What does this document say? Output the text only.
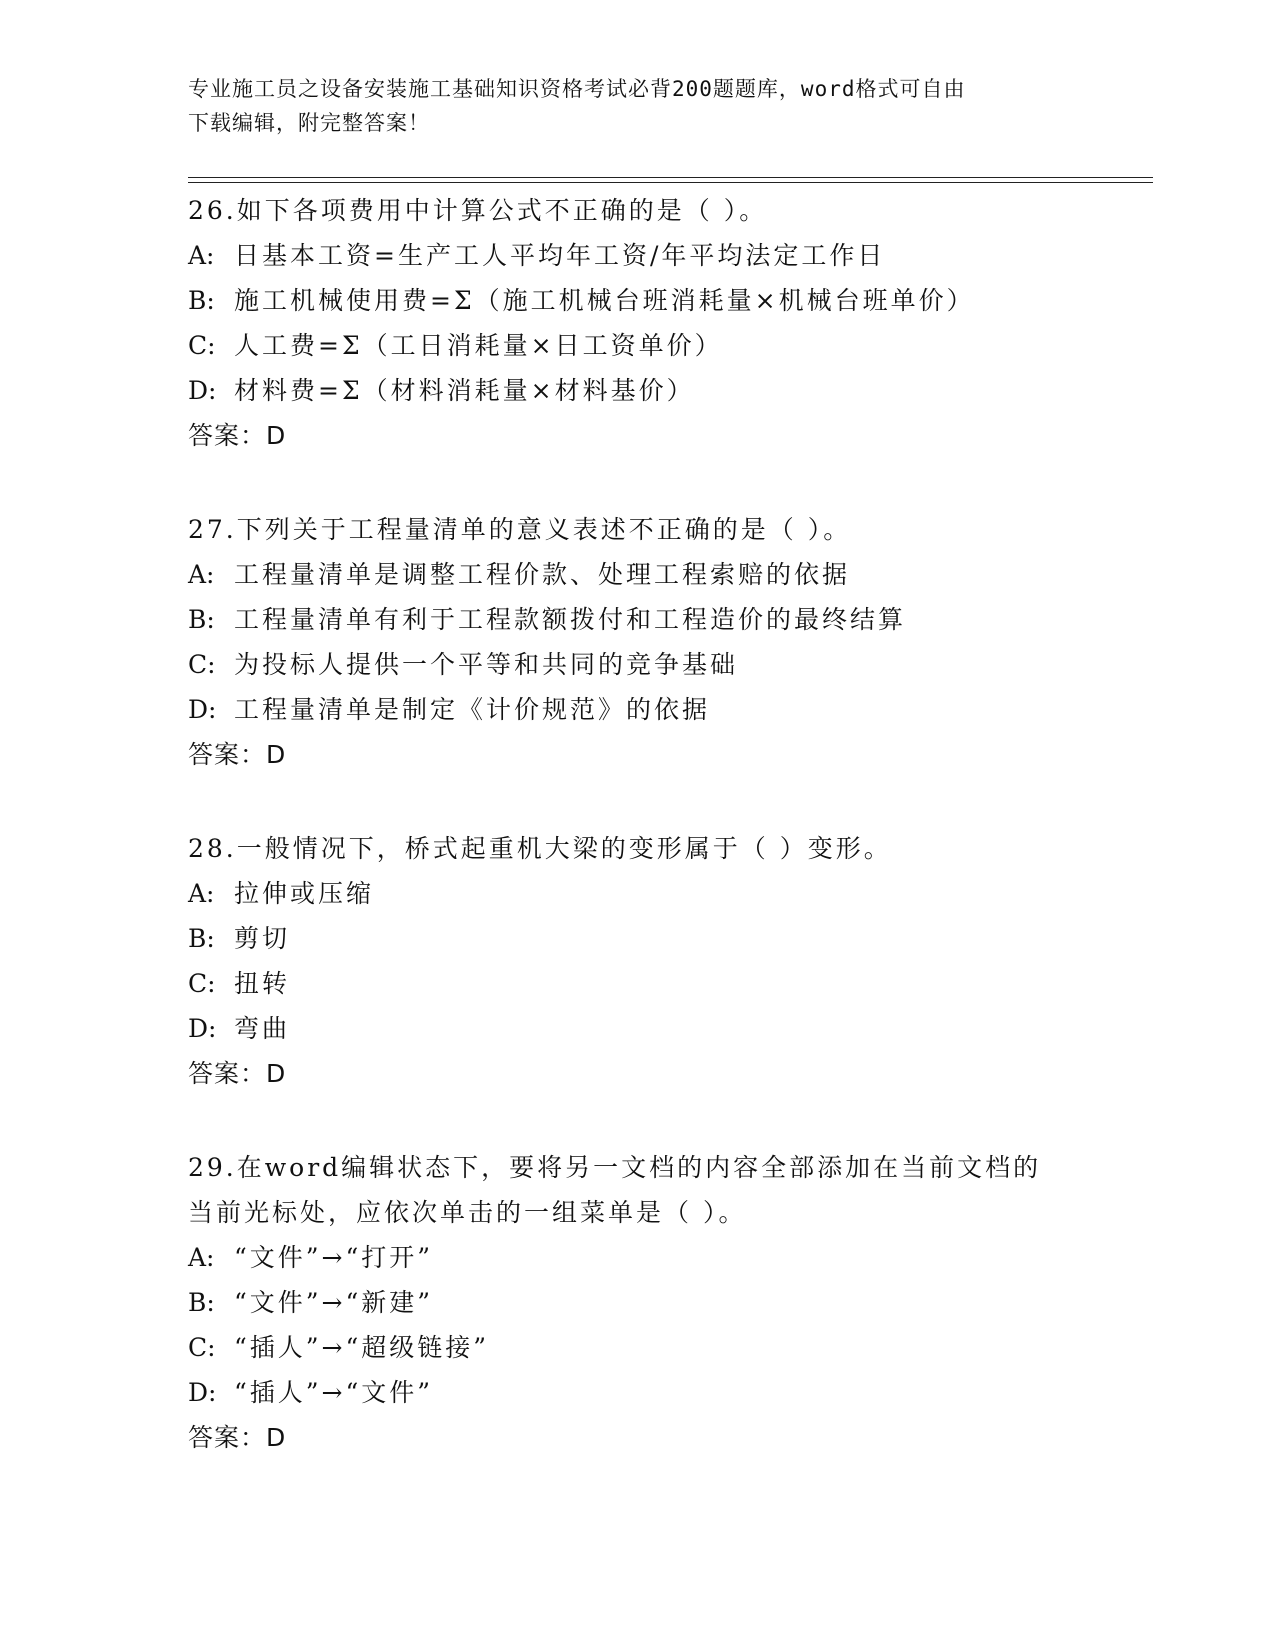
专业施工员之设备安装施工基础知识资格考试必背200题题库，word格式可自由
下载编辑，附完整答案！

26.如下各项费用中计算公式不正确的是（ ）。

A: 日基本工资=生产工人平均年工资/年平均法定工作日

B: 施工机械使用费=Σ（施工机械台班消耗量×机械台班单价）

C: 人工费=Σ（工日消耗量×日工资单价）

D: 材料费=Σ（材料消耗量×材料基价）

答案：D

27.下列关于工程量清单的意义表述不正确的是（ ）。

A: 工程量清单是调整工程价款、处理工程索赔的依据

B: 工程量清单有利于工程款额拨付和工程造价的最终结算

C: 为投标人提供一个平等和共同的竞争基础

D: 工程量清单是制定《计价规范》的依据

答案：D

28.一般情况下，桥式起重机大梁的变形属于（ ）变形。

A: 拉伸或压缩

B: 剪切

C: 扭转

D: 弯曲

答案：D

29.在word编辑状态下，要将另一文档的内容全部添加在当前文档的当前光标处，应依次单击的一组菜单是（ ）。

A: “文件”→“打开”

B: “文件”→“新建”

C: “插人”→“超级链接”

D: “插人”→“文件”

答案：D
